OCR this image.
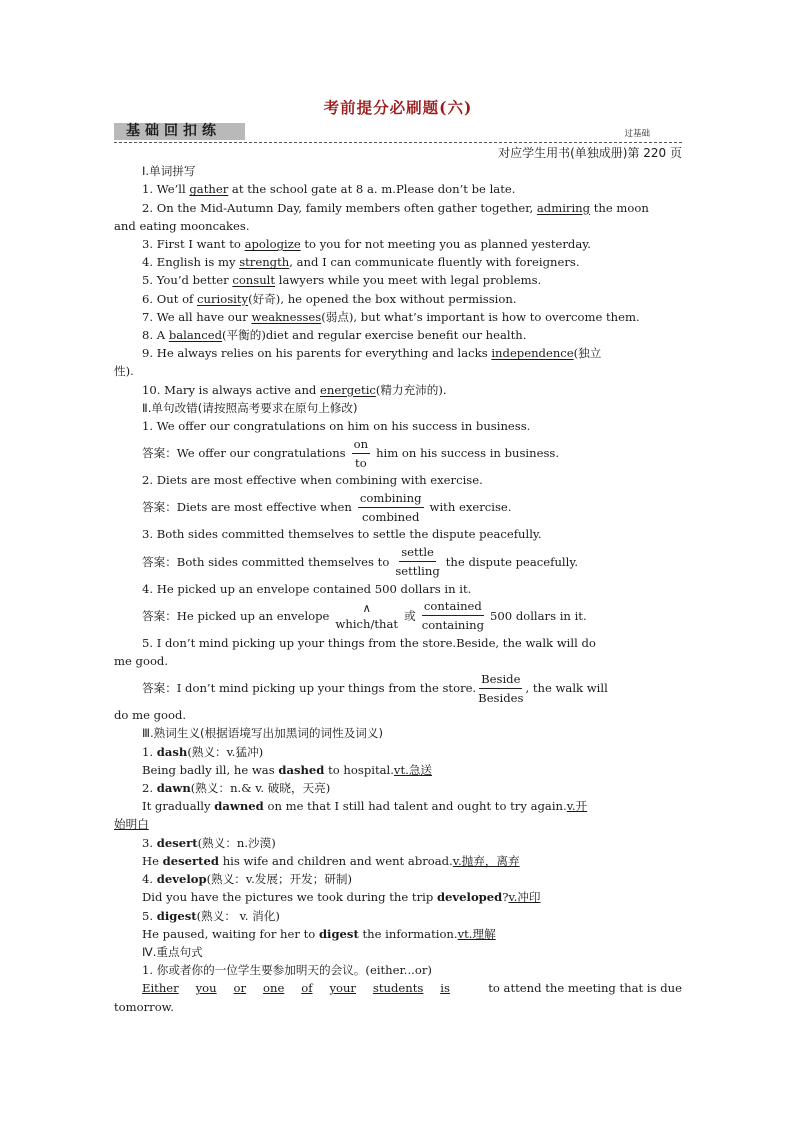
考前提分必刷题(六)
基础回扣练	过基础
对应学生用书(单独成册)第 220 页
Ⅰ.单词拼写
1. We’ll gather at the school gate at 8 a. m.Please don’t be late.
2. On the Mid-Autumn Day, family members often gather together, admiring the moon
and eating mooncakes.
3. First I want to apologize to you for not meeting you as planned yesterday.
4. English is my strength, and I can communicate fluently with foreigners.
5. You’d better consult lawyers while you meet with legal problems.
6. Out of curiosity(好奇), he opened the box without permission.
7. We all have our weaknesses(弱点), but what’s important is how to overcome them.
8. A balanced(平衡的)diet and regular exercise benefit our health.
9. He always relies on his parents for everything and lacks independence(独立
性).
10. Mary is always active and energetic(精力充沛的).
Ⅱ.单句改错(请按照高考要求在原句上修改)
1. We offer our congratulations on him on his success in business.
答案： We offer our congratulations $\frac{on}{to}$ him on his success in business.
2. Diets are most effective when combining with exercise.
答案： Diets are most effective when $\frac{\text{combining}}{\text{combined}}$ with exercise.
3. Both sides committed themselves to settle the dispute peacefully.
答案： Both sides committed themselves to $\frac{\text{settle}}{\text{settling}}$ the dispute peacefully.
4. He picked up an envelope contained 500 dollars in it.
答案： He picked up an envelope
∧
which/that
或 $\frac{\text{contained}}{\text{containing}} 500$ dollars in it.
5. I don’t mind picking up your things from the store.Beside, the walk will do
me good.
答案： I don’t mind picking up your things from the store. $\frac{\text{Beside}}{\text{Besides}}$ , the walk will
do me good.
Ⅲ.熟词生义(根据语境写出加黑词的词性及词义)
1. dash(熟义：v.猛冲)
Being badly ill, he was dashed to hospital.vt.急送
2. dawn(熟义：n.& v. 破晓，天亮)
It gradually dawned on me that I still had talent and ought to try again.v.开
始明白
3. desert(熟义：n.沙漠)
He deserted his wife and children and went abroad.v.抛弃，离弃
4. develop(熟义：v.发展；开发；研制)
Did you have the pictures we took during the trip developed?v.冲印
5. digest(熟义： v. 消化)
He paused, waiting for her to digest the information.vt.理解
Ⅳ.重点句式
1. 你或者你的一位学生要参加明天的会议。(either...or)
Either you or one of your students is	to attend the meeting that is due
tomorrow.
